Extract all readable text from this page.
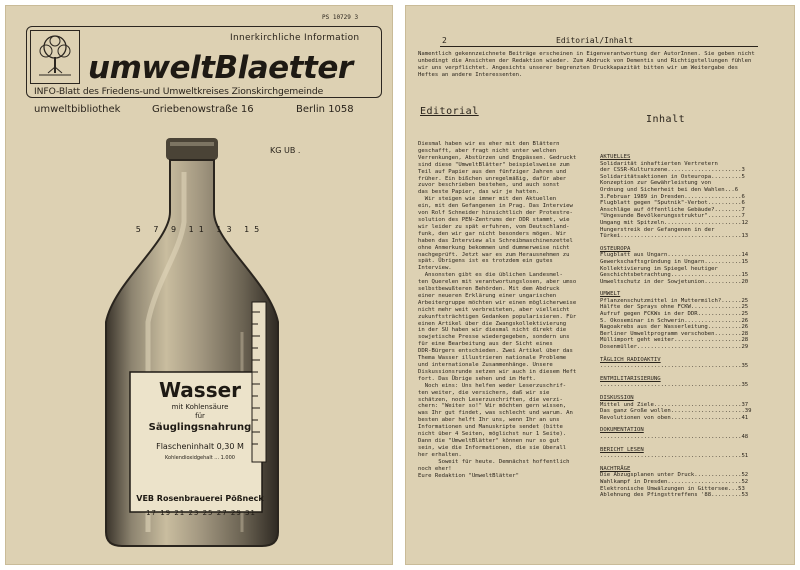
PS 10729 3
Innerkirchliche Information
umweltBlaetter
INFO-Blatt des Friedens-und Umweltkreises Zionskirchgemeinde
umweltbibliothek	Griebenowstraße 16	Berlin 1058
KG UB .
5 7 9 11 13 15
Wasser
mit Kohlensäure
für
Säuglingsnahrung
Flascheninhalt 0,30 M
Kohlendioxidgehalt ... 1.000
VEB Rosenbrauerei Pößneck
17 19 21 23 25 27 29 31
2	Editorial/Inhalt
Namentlich gekennzeichnete Beiträge erscheinen in Eigenverantwortung der AutorInnen. Sie geben nicht
unbedingt die Ansichten der Redaktion wieder. Zum Abdruck von Dementis und Richtigstellungen fühlen
wir uns verpflichtet. Angesichts unserer begrenzten Druckkapazität bitten wir um Weitergabe des
Heftes an andere Interessenten.
Editorial
Inhalt
Diesmal haben wir es eher mit den Blättern
geschafft, aber fragt nicht unter welchen
Verrenkungen, Abstürzen und Engpässen. Gedruckt
sind diese "UmweltBlätter" beispielsweise zum
Teil auf Papier aus den fünfziger Jahren und
früher. Ein bißchen unregelmäßig, dafür aber
zuvor beschrieben bestehen, und auch sonst
das beste Papier, das wir je hatten.
Wir steigen wie immer mit den Aktuellen
ein, mit den Gefangenen in Prag. Das Interview
von Rolf Schneider hinsichtlich der Protestre-
solution des PEN-Zentrums der DDR stammt, wie
wir leider zu spät erfuhren, vom Deutschland-
funk, den wir gar nicht besonders mögen. Wir
haben das Interview als Schreibmaschinenzettel
ohne Anmerkung bekommen und dummerweise nicht
nachgeprüft. Jetzt war es zum Herausnehmen zu
spät. Übrigens ist es trotzdem ein gutes
Interview.
Ansonsten gibt es die üblichen Landesmel-
ten Querelen mit verantwortungslosen, aber umso
selbstbewußteren Behörden. Mit dem Abdruck
einer neueren Erklärung einer ungarischen
Arbeitergruppe möchten wir einen möglicherweise
nicht mehr weit verbreiteten, aber vielleicht
zukunftsträchtigen Gedanken popularisieren. Für
einen Artikel über die Zwangskollektivierung
in der SU haben wir diesmal nicht direkt die
sowjetische Presse wiedergegeben, sondern uns
für eine Bearbeitung aus der Sicht eines
DDR-Bürgers entschieden. Zwei Artikel über das
Thema Wasser illustrieren nationale Probleme
und internationale Zusammenhänge. Unsere
Diskussionsrunde setzen wir auch in diesem Heft
fort. Das Übrige sehen und im Heft.
Noch eins: Uns helfen weder Leserzuschrif-
ten weiter, die versichern, daß wir sie
schätzen, noch Leserzuschriften, die verzi-
chern: "Weiter so!" Wir möchten gern wissen,
was Ihr gut findet, was schlecht und warum. An
besten aber helft Ihr uns, wenn Ihr an uns
Informationen und Manuskripte sendet (bitte
nicht über 4 Seiten, möglichst nur 1 Seite).
Dann die "UmweltBlätter" können nur so gut
sein, wie die Informationen, die sie überall
her erhalten.
Soweit für heute. Demnächst hoffentlich
noch eher!
Eure Redaktion "UmweltBlätter"
AKTUELLES
Solidarität inhaftierten Vertretern
der CSSR-Kulturszene......................3
Solidaritätsaktionen in Osteuropa.........5
Konzeption zur Gewährleistung von
Ordnung und Sicherheit bei den Wahlen...6
3.Februar 1989 in Dresden.................6
Flugblatt gegen "Sputnik"-Verbot..........6
Anschläge auf öffentliche Gebäude?........7
"Ungesunde Bevölkerungsstruktur"..........7
Umgang mit Spitzeln.......................12
Hungerstreik der Gefangenen in der
Türkei....................................13
OSTEUROPA
Flugblatt aus Ungarn......................14
Gewerkschaftsgründung in Ungarn...........15
Kollektivierung im Spiegel heutiger
Geschichtsbetrachtung.....................15
Umweltschutz in der Sowjetunion...........20
UMWELT
Pflanzenschutzmittel in Muttermilch?......25
Hälfte der Sprays ohne FCKW...............25
Aufruf gegen FCKWs in der DDR.............25
5. Ökoseminar in Schwerin.................26
Nagoakrebs aus der Wasserleitung..........26
Berliner Umweltprogramm verschoben........28
Müllimport geht weiter....................28
Dosenmüller...............................29
TÄGLICH RADIOAKTIV
..........................................35
ENTMILITARISIERUNG
..........................................35
DISKUSSION
Mittel und Ziele..........................37
Das ganz Große wollen......................39
Revolutionen von oben.....................41
DOKUMENTATION
..........................................48
BERICHT LESEN
..........................................51
NACHTRÄGE
Die Abzugsplanen unter Druck..............52
Wahlkampf in Dresden......................52
Elektronische Umwälzungen in Gittersee...53
Ablehnung des Pfingsttreffens '88.........53
